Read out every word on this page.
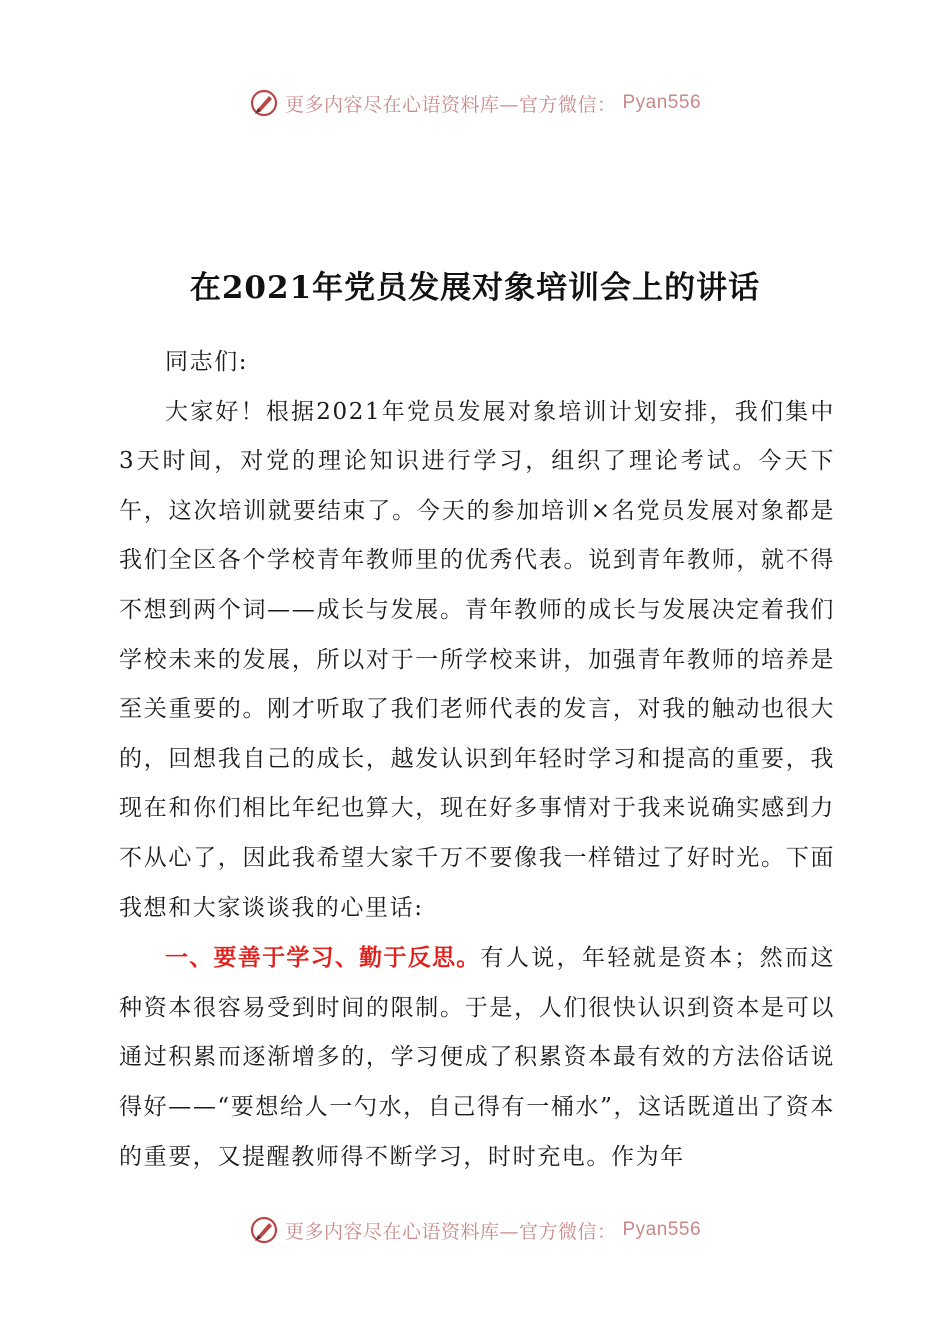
更多内容尽在心语资料库—官方微信： Pyan556
在2021年党员发展对象培训会上的讲话

同志们:

大家好！根据2021年党员发展对象培训计划安排，我们集中3天时间，对党的理论知识进行学习，组织了理论考试。今天下午，这次培训就要结束了。今天的参加培训×名党员发展对象都是我们全区各个学校青年教师里的优秀代表。说到青年教师，就不得不想到两个词——成长与发展。青年教师的成长与发展决定着我们学校未来的发展，所以对于一所学校来讲，加强青年教师的培养是至关重要的。刚才听取了我们老师代表的发言，对我的触动也很大的，回想我自己的成长，越发认识到年轻时学习和提高的重要，我现在和你们相比年纪也算大，现在好多事情对于我来说确实感到力不从心了，因此我希望大家千万不要像我一样错过了好时光。下面我想和大家谈谈我的心里话:

一、要善于学习、勤于反思。有人说，年轻就是资本；然而这种资本很容易受到时间的限制。于是，人们很快认识到资本是可以通过积累而逐渐增多的，学习便成了积累资本最有效的方法俗话说得好——“要想给人一勺水，自己得有一桶水”，这话既道出了资本的重要，又提醒教师得不断学习，时时充电。作为年

更多内容尽在心语资料库—官方微信： Pyan556
